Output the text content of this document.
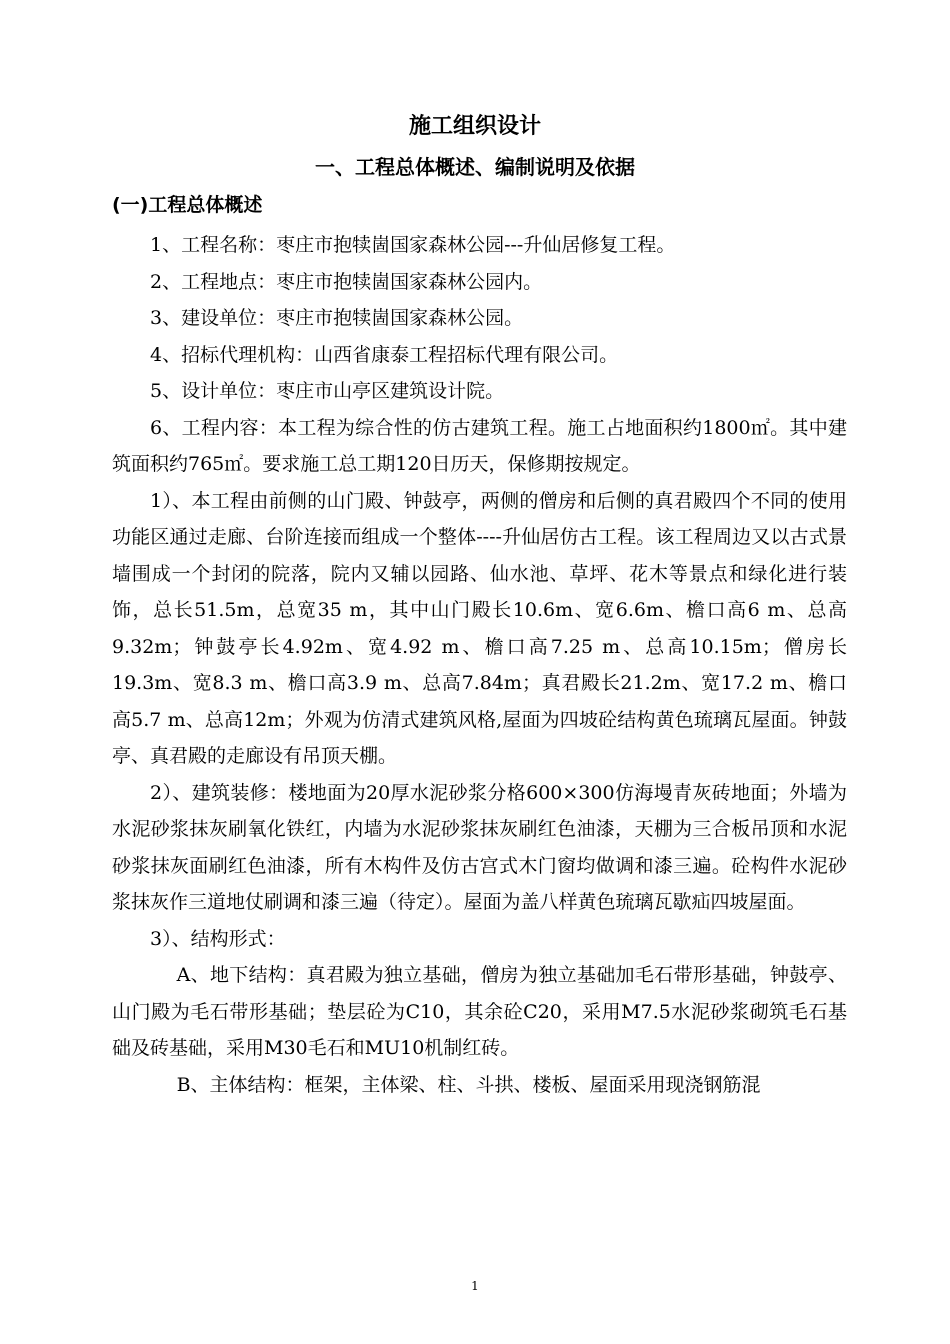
施工组织设计
一、工程总体概述、编制说明及依据
(一)工程总体概述

1、工程名称：枣庄市抱犊崮国家森林公园---升仙居修复工程。

2、工程地点：枣庄市抱犊崮国家森林公园内。

3、建设单位：枣庄市抱犊崮国家森林公园。

4、招标代理机构：山西省康泰工程招标代理有限公司。

5、设计单位：枣庄市山亭区建筑设计院。

6、工程内容：本工程为综合性的仿古建筑工程。施工占地面积约1800㎡。其中建筑面积约765㎡。要求施工总工期120日历天，保修期按规定。

1）、本工程由前侧的山门殿、钟鼓亭，两侧的僧房和后侧的真君殿四个不同的使用功能区通过走廊、台阶连接而组成一个整体----升仙居仿古工程。该工程周边又以古式景墙围成一个封闭的院落，院内又辅以园路、仙水池、草坪、花木等景点和绿化进行装饰，总长51.5m，总宽35 m，其中山门殿长10.6m、宽6.6m、檐口高6 m、总高9.32m；钟鼓亭长4.92m、宽4.92 m、檐口高7.25 m、总高10.15m；僧房长19.3m、宽8.3 m、檐口高3.9 m、总高7.84m；真君殿长21.2m、宽17.2 m、檐口高5.7 m、总高12m；外观为仿清式建筑风格,屋面为四坡砼结构黄色琉璃瓦屋面。钟鼓亭、真君殿的走廊设有吊顶天棚。

2）、建筑装修：楼地面为20厚水泥砂浆分格600×300仿海墁青灰砖地面；外墙为水泥砂浆抹灰刷氧化铁红，内墙为水泥砂浆抹灰刷红色油漆，天棚为三合板吊顶和水泥砂浆抹灰面刷红色油漆，所有木构件及仿古宫式木门窗均做调和漆三遍。砼构件水泥砂浆抹灰作三道地仗刷调和漆三遍（待定）。屋面为盖八样黄色琉璃瓦歇疝四坡屋面。

3）、结构形式：

A、地下结构：真君殿为独立基础，僧房为独立基础加毛石带形基础，钟鼓亭、山门殿为毛石带形基础；垫层砼为C10，其余砼C20，采用M7.5水泥砂浆砌筑毛石基础及砖基础，采用M30毛石和MU10机制红砖。

B、主体结构：框架，主体梁、柱、斗拱、楼板、屋面采用现浇钢筋混

1
